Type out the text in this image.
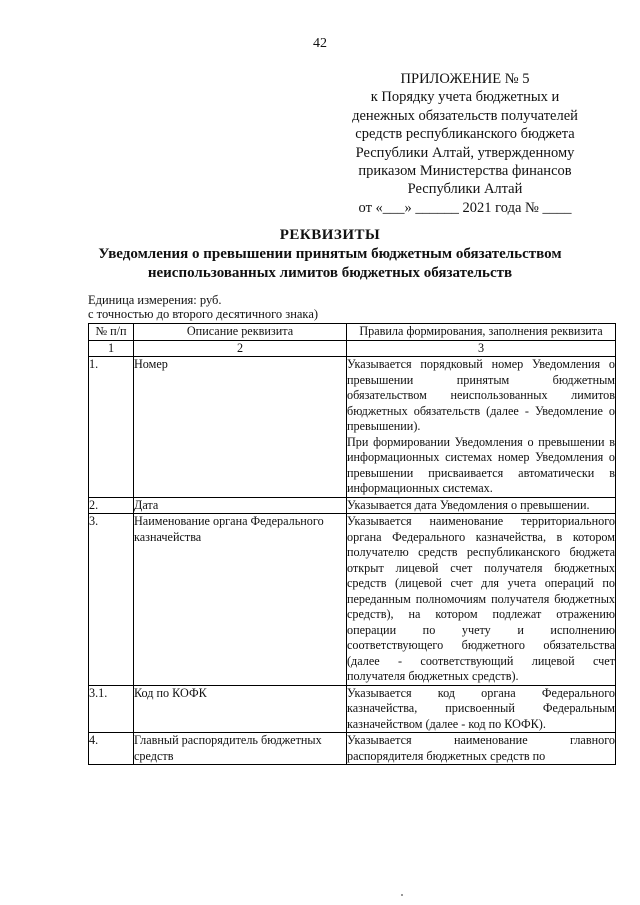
42
ПРИЛОЖЕНИЕ № 5
к Порядку учета бюджетных и
денежных обязательств получателей
средств республиканского бюджета
Республики Алтай, утвержденному
приказом Министерства финансов
Республики Алтай
от «___» ______ 2021 года № ____
РЕКВИЗИТЫ
Уведомления о превышении принятым бюджетным обязательством
неиспользованных лимитов бюджетных обязательств
Единица измерения: руб.
с точностью до второго десятичного знака)
№ п/п	Описание реквизита	Правила формирования, заполнения реквизита
1	2	3
1.	Номер	Указывается порядковый номер Уведомления о превышении принятым бюджетным обязательством неиспользованных лимитов бюджетных обязательств (далее - Уведомление о превышении).

При формировании Уведомления о превышении в информационных системах номер Уведомления о превышении присваивается автоматически в информационных системах.

2.	Дата	Указывается дата Уведомления о превышении.

3.	Наименование органа Федерального казначейства	Указывается наименование территориального органа Федерального казначейства, в котором получателю средств республиканского бюджета открыт лицевой счет получателя бюджетных средств (лицевой счет для учета операций по переданным полномочиям получателя бюджетных средств), на котором подлежат отражению операции по учету и исполнению соответствующего бюджетного обязательства (далее - соответствующий лицевой счет получателя бюджетных средств).

3.1.	Код по КОФК	Указывается код органа Федерального казначейства, присвоенный Федеральным казначейством (далее - код по КОФК).

4.	Главный распорядитель бюджетных средств	Указывается наименование главного распорядителя бюджетных средств по
